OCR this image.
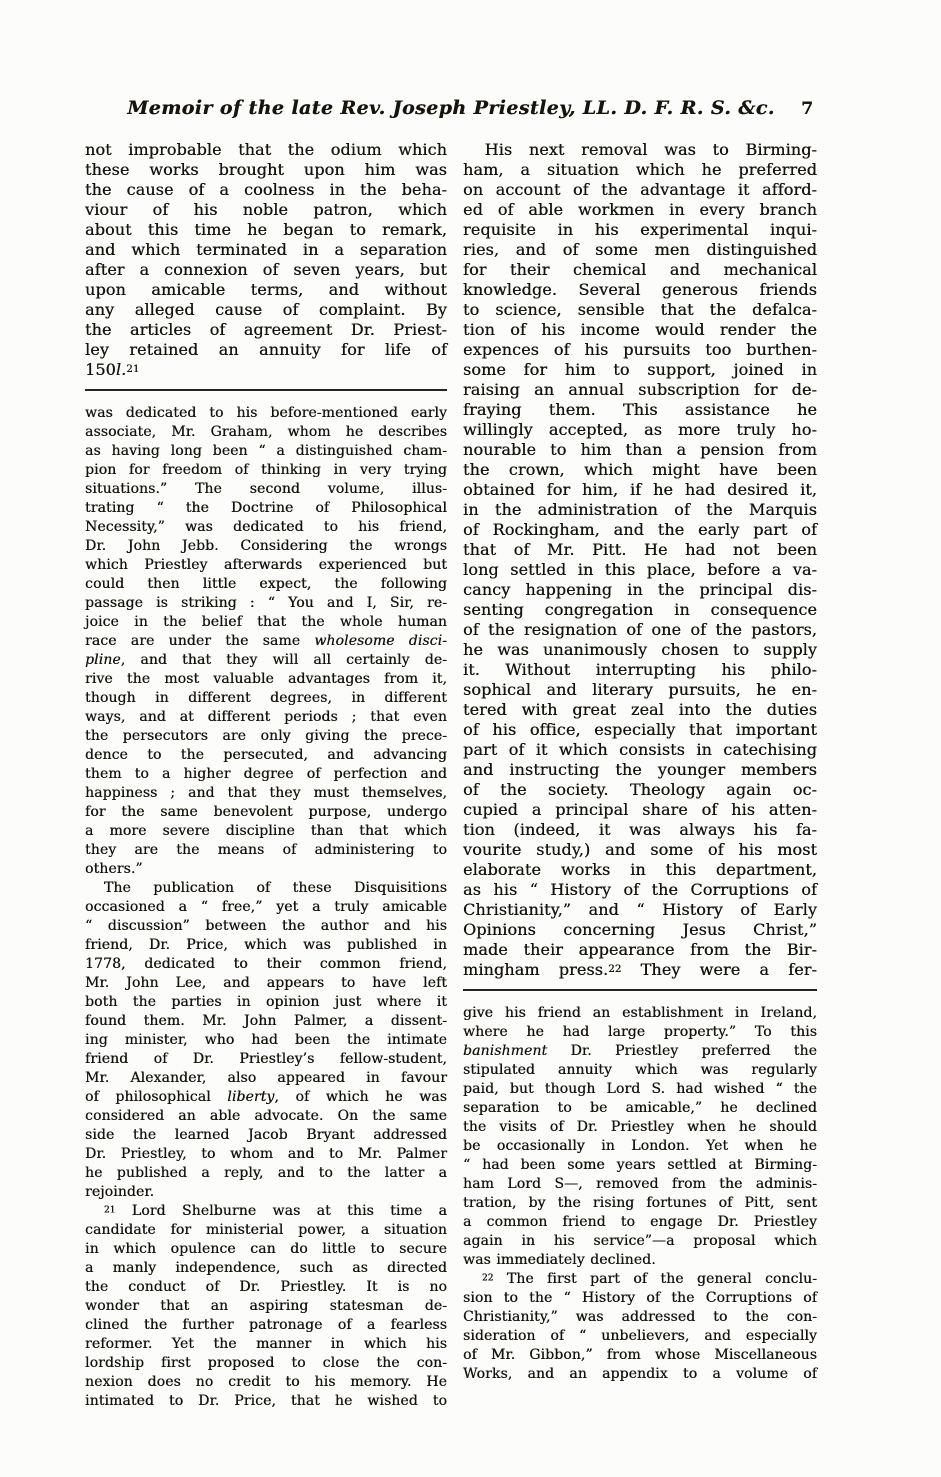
Memoir of the late Rev. Joseph Priestley, LL. D. F. R. S. &c.	7
not improbable that the odium which
these works brought upon him was
the cause of a coolness in the beha-
viour of his noble patron, which
about this time he began to remark,
and which terminated in a separation
after a connexion of seven years, but
upon amicable terms, and without
any alleged cause of complaint. By
the articles of agreement Dr. Priest-
ley retained an annuity for life of
150l.$^{21}$
was dedicated to his before-mentioned early
associate, Mr. Graham, whom he describes
as having long been “ a distinguished cham-
pion for freedom of thinking in very trying
situations.” The second volume, illus-
trating “ the Doctrine of Philosophical
Necessity,” was dedicated to his friend,
Dr. John Jebb. Considering the wrongs
which Priestley afterwards experienced but
could then little expect, the following
passage is striking : “ You and I, Sir, re-
joice in the belief that the whole human
race are under the same wholesome disci-
pline, and that they will all certainly de-
rive the most valuable advantages from it,
though in different degrees, in different
ways, and at different periods ; that even
the persecutors are only giving the prece-
dence to the persecuted, and advancing
them to a higher degree of perfection and
happiness ; and that they must themselves,
for the same benevolent purpose, undergo
a more severe discipline than that which
they are the means of administering to
others.”
The publication of these Disquisitions
occasioned a “ free,” yet a truly amicable
“ discussion” between the author and his
friend, Dr. Price, which was published in
1778, dedicated to their common friend,
Mr. John Lee, and appears to have left
both the parties in opinion just where it
found them. Mr. John Palmer, a dissent-
ing minister, who had been the intimate
friend of Dr. Priestley’s fellow-student,
Mr. Alexander, also appeared in favour
of philosophical liberty, of which he was
considered an able advocate. On the same
side the learned Jacob Bryant addressed
Dr. Priestley, to whom and to Mr. Palmer
he published a reply, and to the latter a
rejoinder.
$^{21}$ Lord Shelburne was at this time a
candidate for ministerial power, a situation
in which opulence can do little to secure
a manly independence, such as directed
the conduct of Dr. Priestley. It is no
wonder that an aspiring statesman de-
clined the further patronage of a fearless
reformer. Yet the manner in which his
lordship first proposed to close the con-
nexion does no credit to his memory. He
intimated to Dr. Price, that he wished to
His next removal was to Birming-
ham, a situation which he preferred
on account of the advantage it afford-
ed of able workmen in every branch
requisite in his experimental inqui-
ries, and of some men distinguished
for their chemical and mechanical
knowledge. Several generous friends
to science, sensible that the defalca-
tion of his income would render the
expences of his pursuits too burthen-
some for him to support, joined in
raising an annual subscription for de-
fraying them. This assistance he
willingly accepted, as more truly ho-
nourable to him than a pension from
the crown, which might have been
obtained for him, if he had desired it,
in the administration of the Marquis
of Rockingham, and the early part of
that of Mr. Pitt. He had not been
long settled in this place, before a va-
cancy happening in the principal dis-
senting congregation in consequence
of the resignation of one of the pastors,
he was unanimously chosen to supply
it. Without interrupting his philo-
sophical and literary pursuits, he en-
tered with great zeal into the duties
of his office, especially that important
part of it which consists in catechising
and instructing the younger members
of the society. Theology again oc-
cupied a principal share of his atten-
tion (indeed, it was always his fa-
vourite study,) and some of his most
elaborate works in this department,
as his “ History of the Corruptions of
Christianity,” and “ History of Early
Opinions concerning Jesus Christ,”
made their appearance from the Bir-
mingham press.$^{22}$ They were a fer-
give his friend an establishment in Ireland,
where he had large property.” To this
banishment Dr. Priestley preferred the
stipulated annuity which was regularly
paid, but though Lord S. had wished “ the
separation to be amicable,” he declined
the visits of Dr. Priestley when he should
be occasionally in London. Yet when he
“ had been some years settled at Birming-
ham Lord S—, removed from the adminis-
tration, by the rising fortunes of Pitt, sent
a common friend to engage Dr. Priestley
again in his service”—a proposal which
was immediately declined.
$^{22}$ The first part of the general conclu-
sion to the “ History of the Corruptions of
Christianity,” was addressed to the con-
sideration of “ unbelievers, and especially
of Mr. Gibbon,” from whose Miscellaneous
Works, and an appendix to a volume of
